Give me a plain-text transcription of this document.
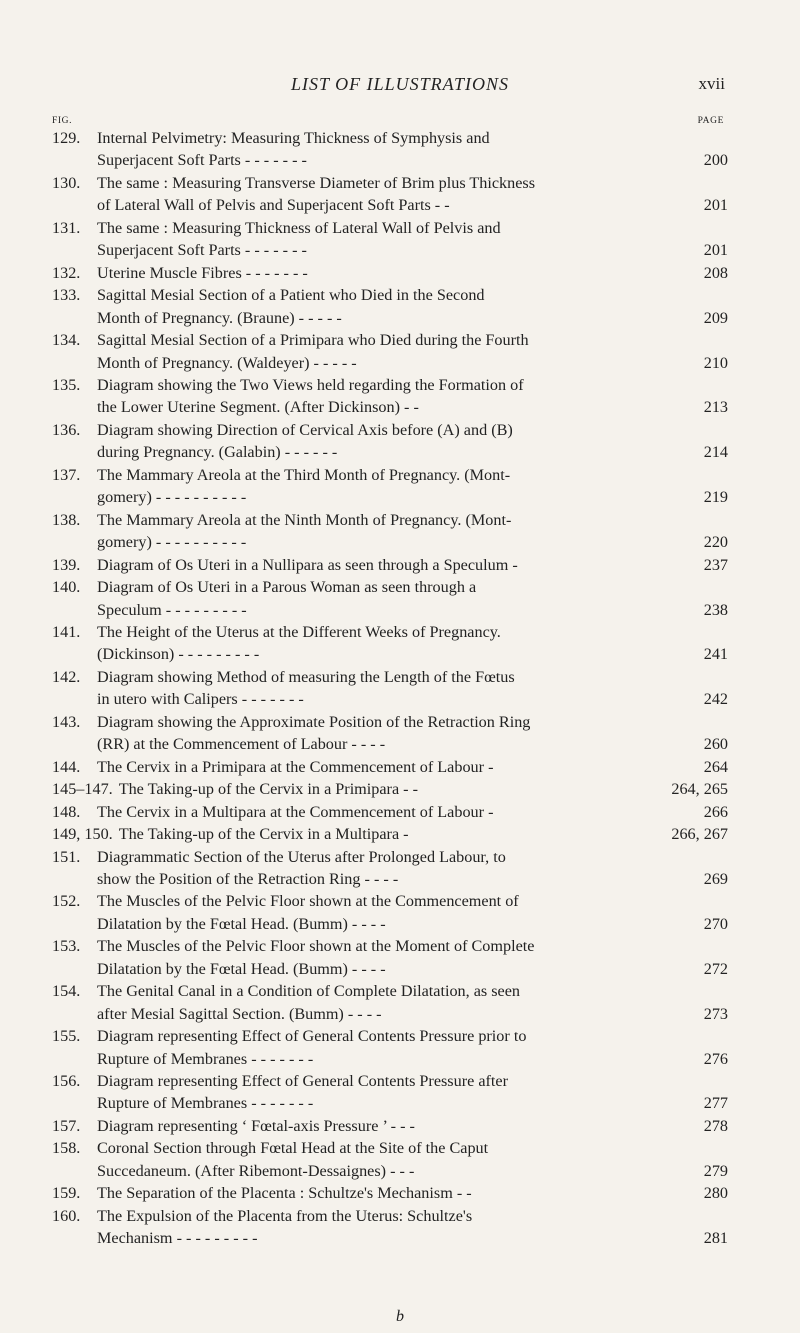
LIST OF ILLUSTRATIONS	xvii
FIG.	PAGE
129.	Internal Pelvimetry: Measuring Thickness of Symphysis and
Superjacent Soft Parts - - - - - - -	200
130.	The same : Measuring Transverse Diameter of Brim plus Thickness
of Lateral Wall of Pelvis and Superjacent Soft Parts - -	201
131.	The same : Measuring Thickness of Lateral Wall of Pelvis and
Superjacent Soft Parts - - - - - - -	201
132.	Uterine Muscle Fibres - - - - - - -	208
133.	Sagittal Mesial Section of a Patient who Died in the Second
Month of Pregnancy. (Braune) - - - - -	209
134.	Sagittal Mesial Section of a Primipara who Died during the Fourth
Month of Pregnancy. (Waldeyer) - - - - -	210
135.	Diagram showing the Two Views held regarding the Formation of
the Lower Uterine Segment. (After Dickinson) - -	213
136.	Diagram showing Direction of Cervical Axis before (A) and (B)
during Pregnancy. (Galabin) - - - - - -	214
137.	The Mammary Areola at the Third Month of Pregnancy. (Mont-
gomery) - - - - - - - - - -	219
138.	The Mammary Areola at the Ninth Month of Pregnancy. (Mont-
gomery) - - - - - - - - - -	220
139.	Diagram of Os Uteri in a Nullipara as seen through a Speculum -	237
140.	Diagram of Os Uteri in a Parous Woman as seen through a
Speculum - - - - - - - - -	238
141.	The Height of the Uterus at the Different Weeks of Pregnancy.
(Dickinson) - - - - - - - - -	241
142.	Diagram showing Method of measuring the Length of the Fœtus
in utero with Calipers - - - - - - -	242
143.	Diagram showing the Approximate Position of the Retraction Ring
(RR) at the Commencement of Labour - - - -	260
144.	The Cervix in a Primipara at the Commencement of Labour -	264
145–147. The Taking-up of the Cervix in a Primipara - -	264, 265
148.	The Cervix in a Multipara at the Commencement of Labour -	266
149, 150. The Taking-up of the Cervix in a Multipara -	266, 267
151.	Diagrammatic Section of the Uterus after Prolonged Labour, to
show the Position of the Retraction Ring - - - -	269
152.	The Muscles of the Pelvic Floor shown at the Commencement of
Dilatation by the Fœtal Head. (Bumm) - - - -	270
153.	The Muscles of the Pelvic Floor shown at the Moment of Complete
Dilatation by the Fœtal Head. (Bumm) - - - -	272
154.	The Genital Canal in a Condition of Complete Dilatation, as seen
after Mesial Sagittal Section. (Bumm) - - - -	273
155.	Diagram representing Effect of General Contents Pressure prior to
Rupture of Membranes - - - - - - -	276
156.	Diagram representing Effect of General Contents Pressure after
Rupture of Membranes - - - - - - -	277
157.	Diagram representing ‘ Fœtal-axis Pressure ’ - - -	278
158.	Coronal Section through Fœtal Head at the Site of the Caput
Succedaneum. (After Ribemont-Dessaignes) - - -	279
159.	The Separation of the Placenta : Schultze's Mechanism - -	280
160.	The Expulsion of the Placenta from the Uterus: Schultze's
Mechanism - - - - - - - - -	281
b
